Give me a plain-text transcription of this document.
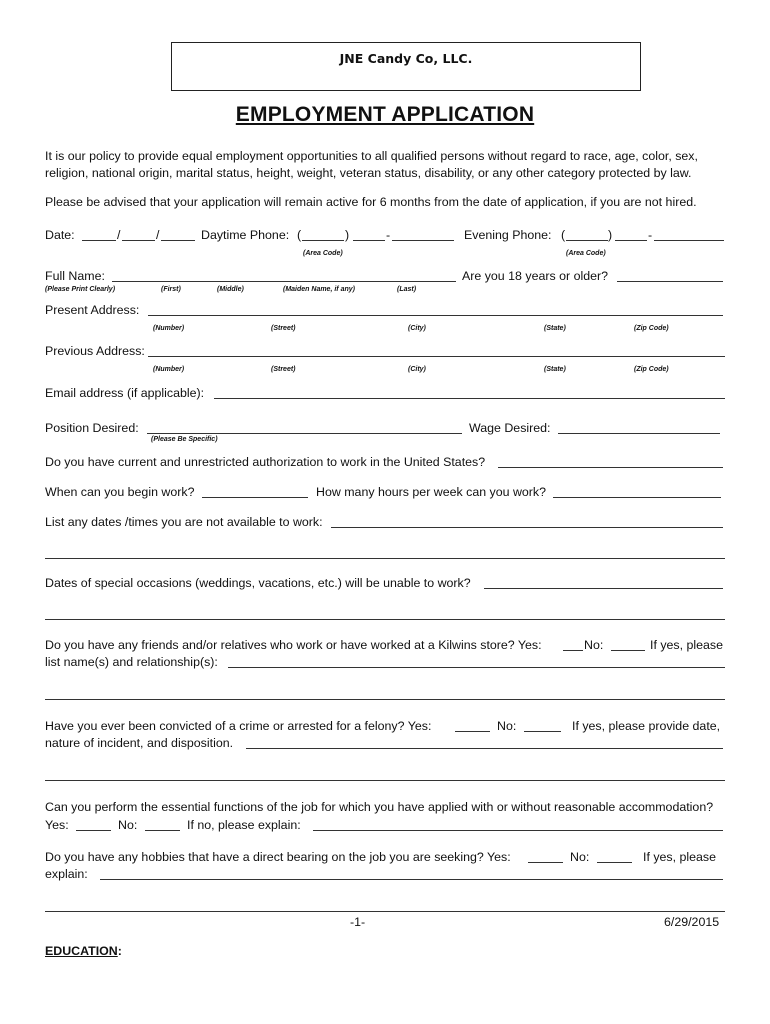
JNE Candy Co, LLC.
EMPLOYMENT APPLICATION
It is our policy to provide equal employment opportunities to all qualified persons without regard to race, age, color, sex, religion, national origin, marital status, height, weight, veteran status, disability, or any other category protected by law.
Please be advised that your application will remain active for 6 months from the date of application, if you are not hired.
Date:	/	/	Daytime Phone: (	)	-
(Area Code)
Evening Phone: (	)	-
(Area Code)
Full Name:	Are you 18 years or older?
(Please Print Clearly)	(First)	(Middle)	(Maiden Name, if any)	(Last)
Present Address:
(Number)	(Street)	(City)	(State)	(Zip Code)
Previous Address:
(Number)	(Street)	(City)	(State)	(Zip Code)
Email address (if applicable):
Position Desired:
(Please Be Specific)
Wage Desired:
Do you have current and unrestricted authorization to work in the United States?
When can you begin work?	How many hours per week can you work?
List any dates /times you are not available to work:
Dates of special occasions (weddings, vacations, etc.) will be unable to work?
Do you have any friends and/or relatives who work or have worked at a Kilwins store? Yes:	No:	If yes, please
list name(s) and relationship(s):
Have you ever been convicted of a crime or arrested for a felony? Yes:	No:	If yes, please provide date,
nature of incident, and disposition.
Can you perform the essential functions of the job for which you have applied with or without reasonable accommodation?
Yes:	No:	If no, please explain:
Do you have any hobbies that have a direct bearing on the job you are seeking? Yes:	No:	If yes, please
explain:
-1-	6/29/2015
EDUCATION:
